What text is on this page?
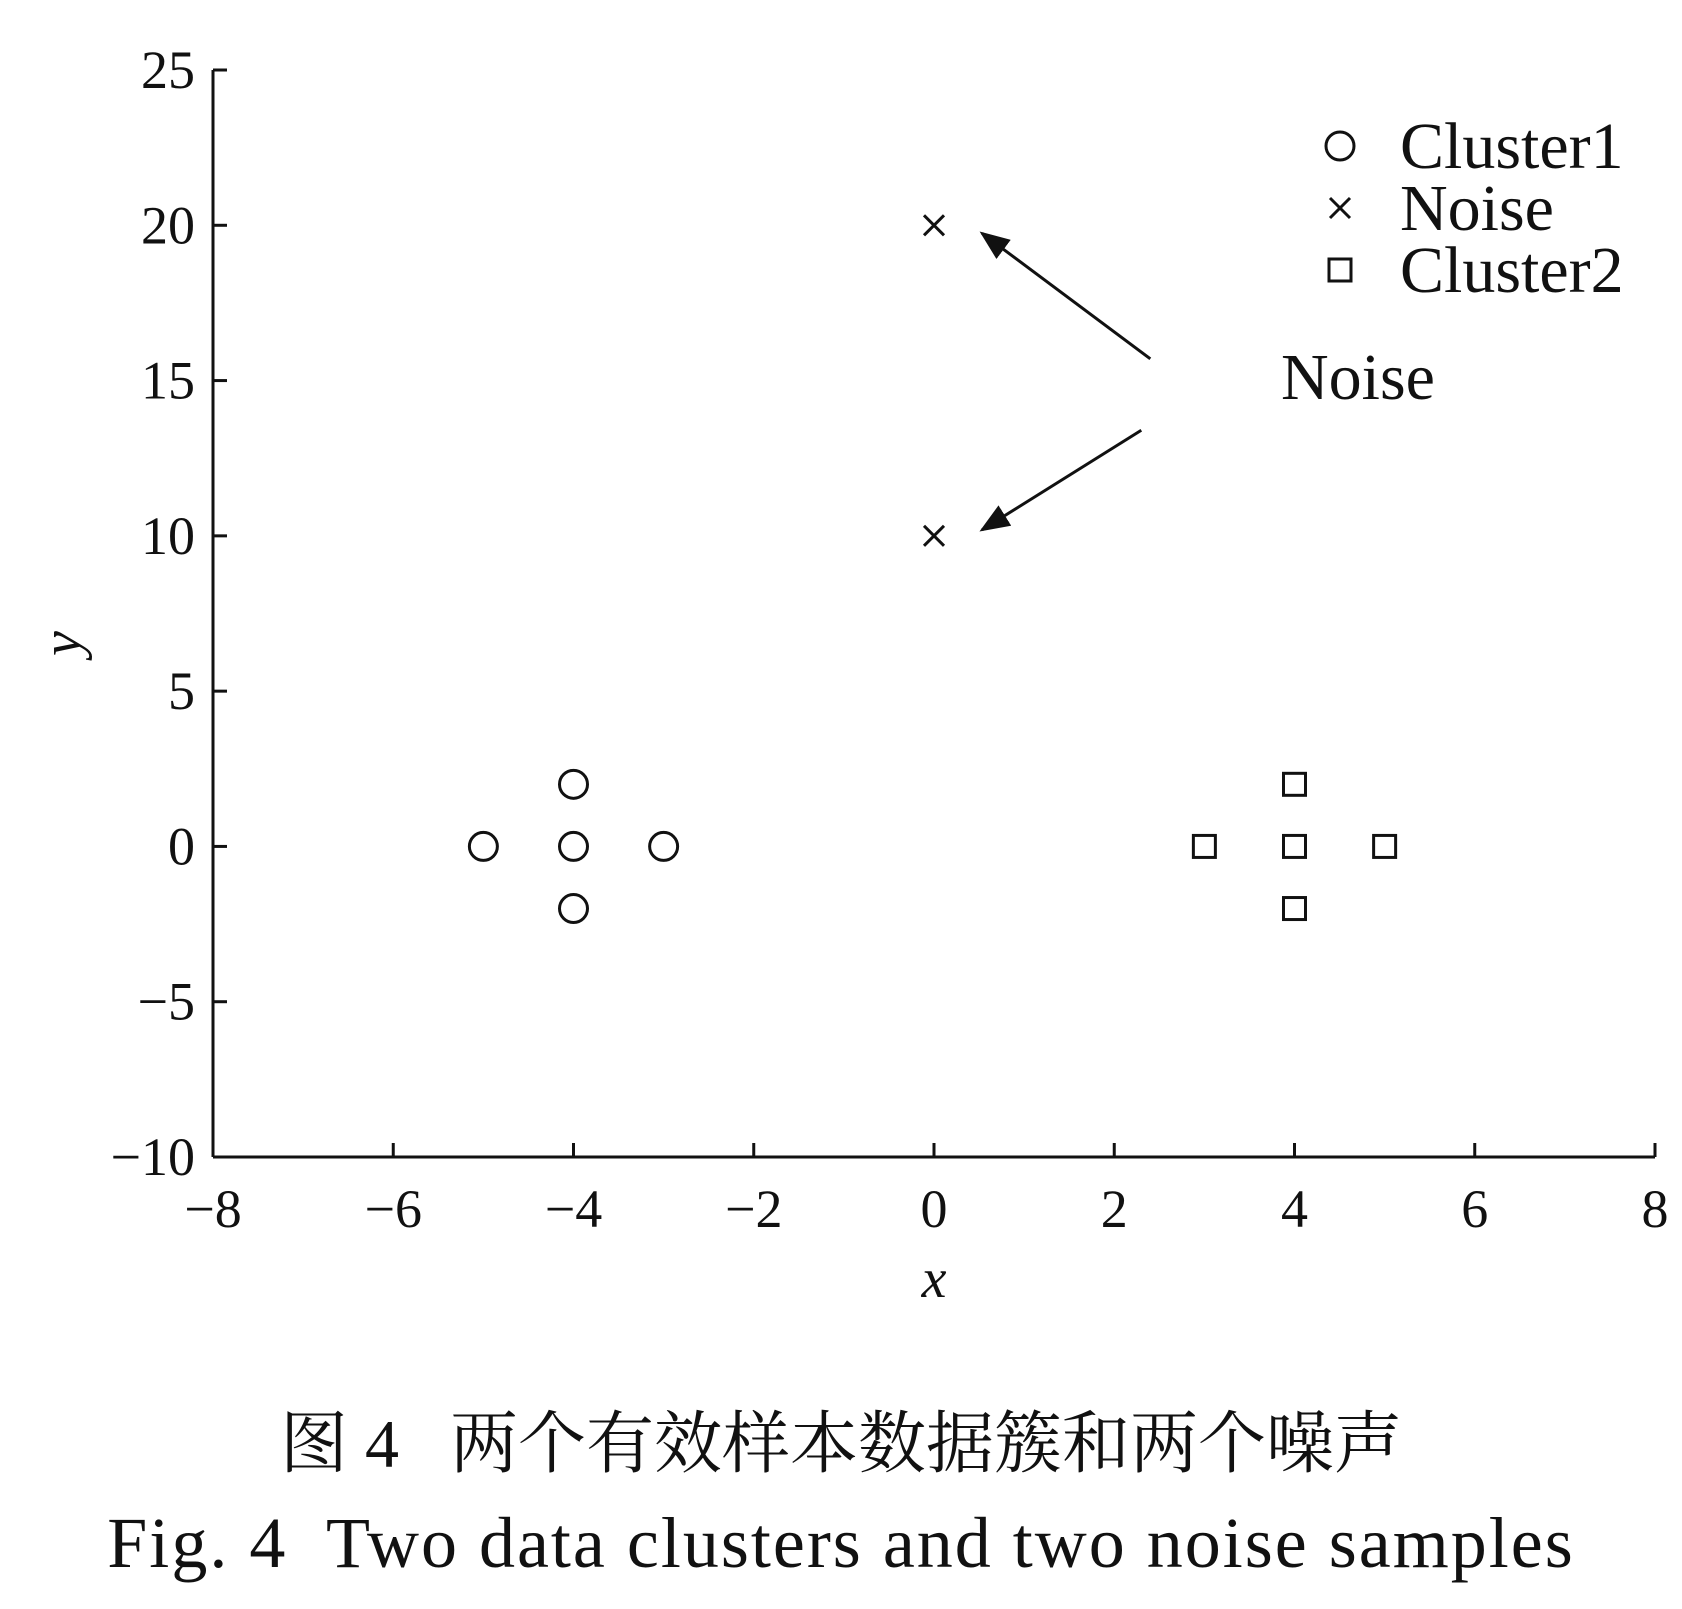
−8 −6 −4 −2	0	2	4	6	8
−10
−5
0
5
10
15
20
25
Noise
Cluster1
Noise
Cluster2
x
y
图 4   两个有效样本数据簇和两个噪声
Fig. 4  Two data clusters and two noise samples
